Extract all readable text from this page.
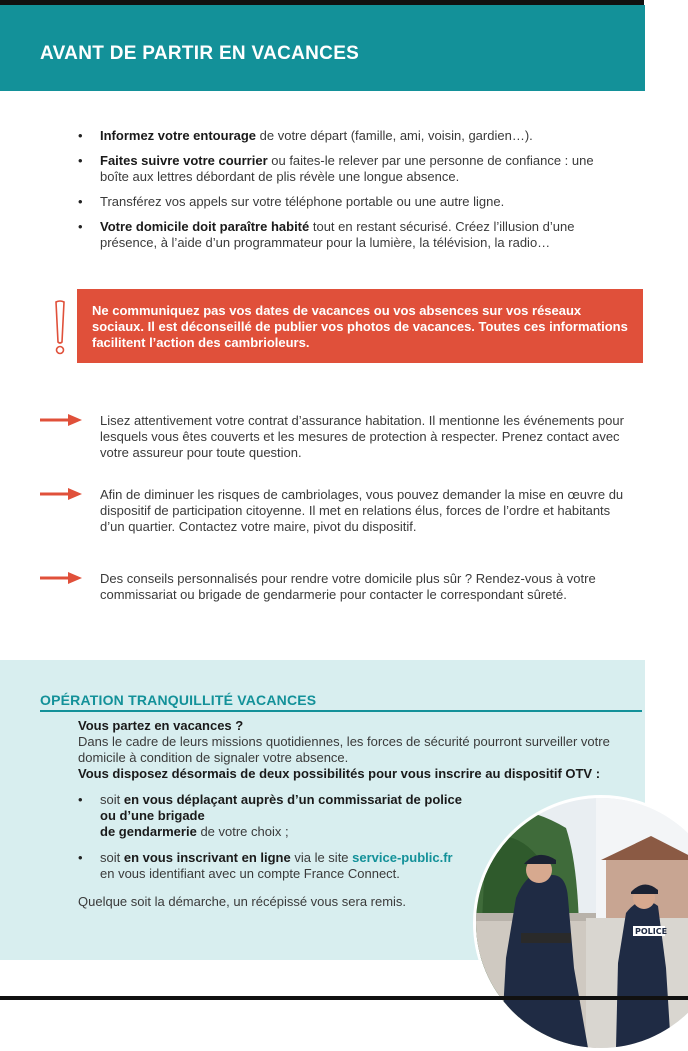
AVANT DE PARTIR EN VACANCES
• Informez votre entourage de votre départ (famille, ami, voisin, gardien…).
• Faites suivre votre courrier ou faites-le relever par une personne de confiance : une boîte aux lettres débordant de plis révèle une longue absence.
• Transférez vos appels sur votre téléphone portable ou une autre ligne.
• Votre domicile doit paraître habité tout en restant sécurisé. Créez l’illusion d’une présence, à l’aide d’un programmateur pour la lumière, la télévision, la radio…
Ne communiquez pas vos dates de vacances ou vos absences sur vos réseaux sociaux. Il est déconseillé de publier vos photos de vacances. Toutes ces informations facilitent l’action des cambrioleurs.

Lisez attentivement votre contrat d’assurance habitation. Il mentionne les événements pour lesquels vous êtes couverts et les mesures de protection à respecter. Prenez contact avec votre assureur pour toute question.

Afin de diminuer les risques de cambriolages, vous pouvez demander la mise en œuvre du dispositif de participation citoyenne. Il met en relations élus, forces de l’ordre et habitants d’un quartier. Contactez votre maire, pivot du dispositif.

Des conseils personnalisés pour rendre votre domicile plus sûr ? Rendez-vous à votre commissariat ou brigade de gendarmerie pour contacter le correspondant sûreté.

OPÉRATION TRANQUILLITÉ VACANCES
Vous partez en vacances ?
Dans le cadre de leurs missions quotidiennes, les forces de sécurité pourront surveiller votre domicile à condition de signaler votre absence.
Vous disposez désormais de deux possibilités pour vous inscrire au dispositif OTV :
• soit en vous déplaçant auprès d’un commissariat de police
ou d’une brigade
de gendarmerie de votre choix ;
• soit en vous inscrivant en ligne via le site service-public.fr
en vous identifiant avec un compte France Connect.
Quelque soit la démarche, un récépissé vous sera remis.
POLICE
